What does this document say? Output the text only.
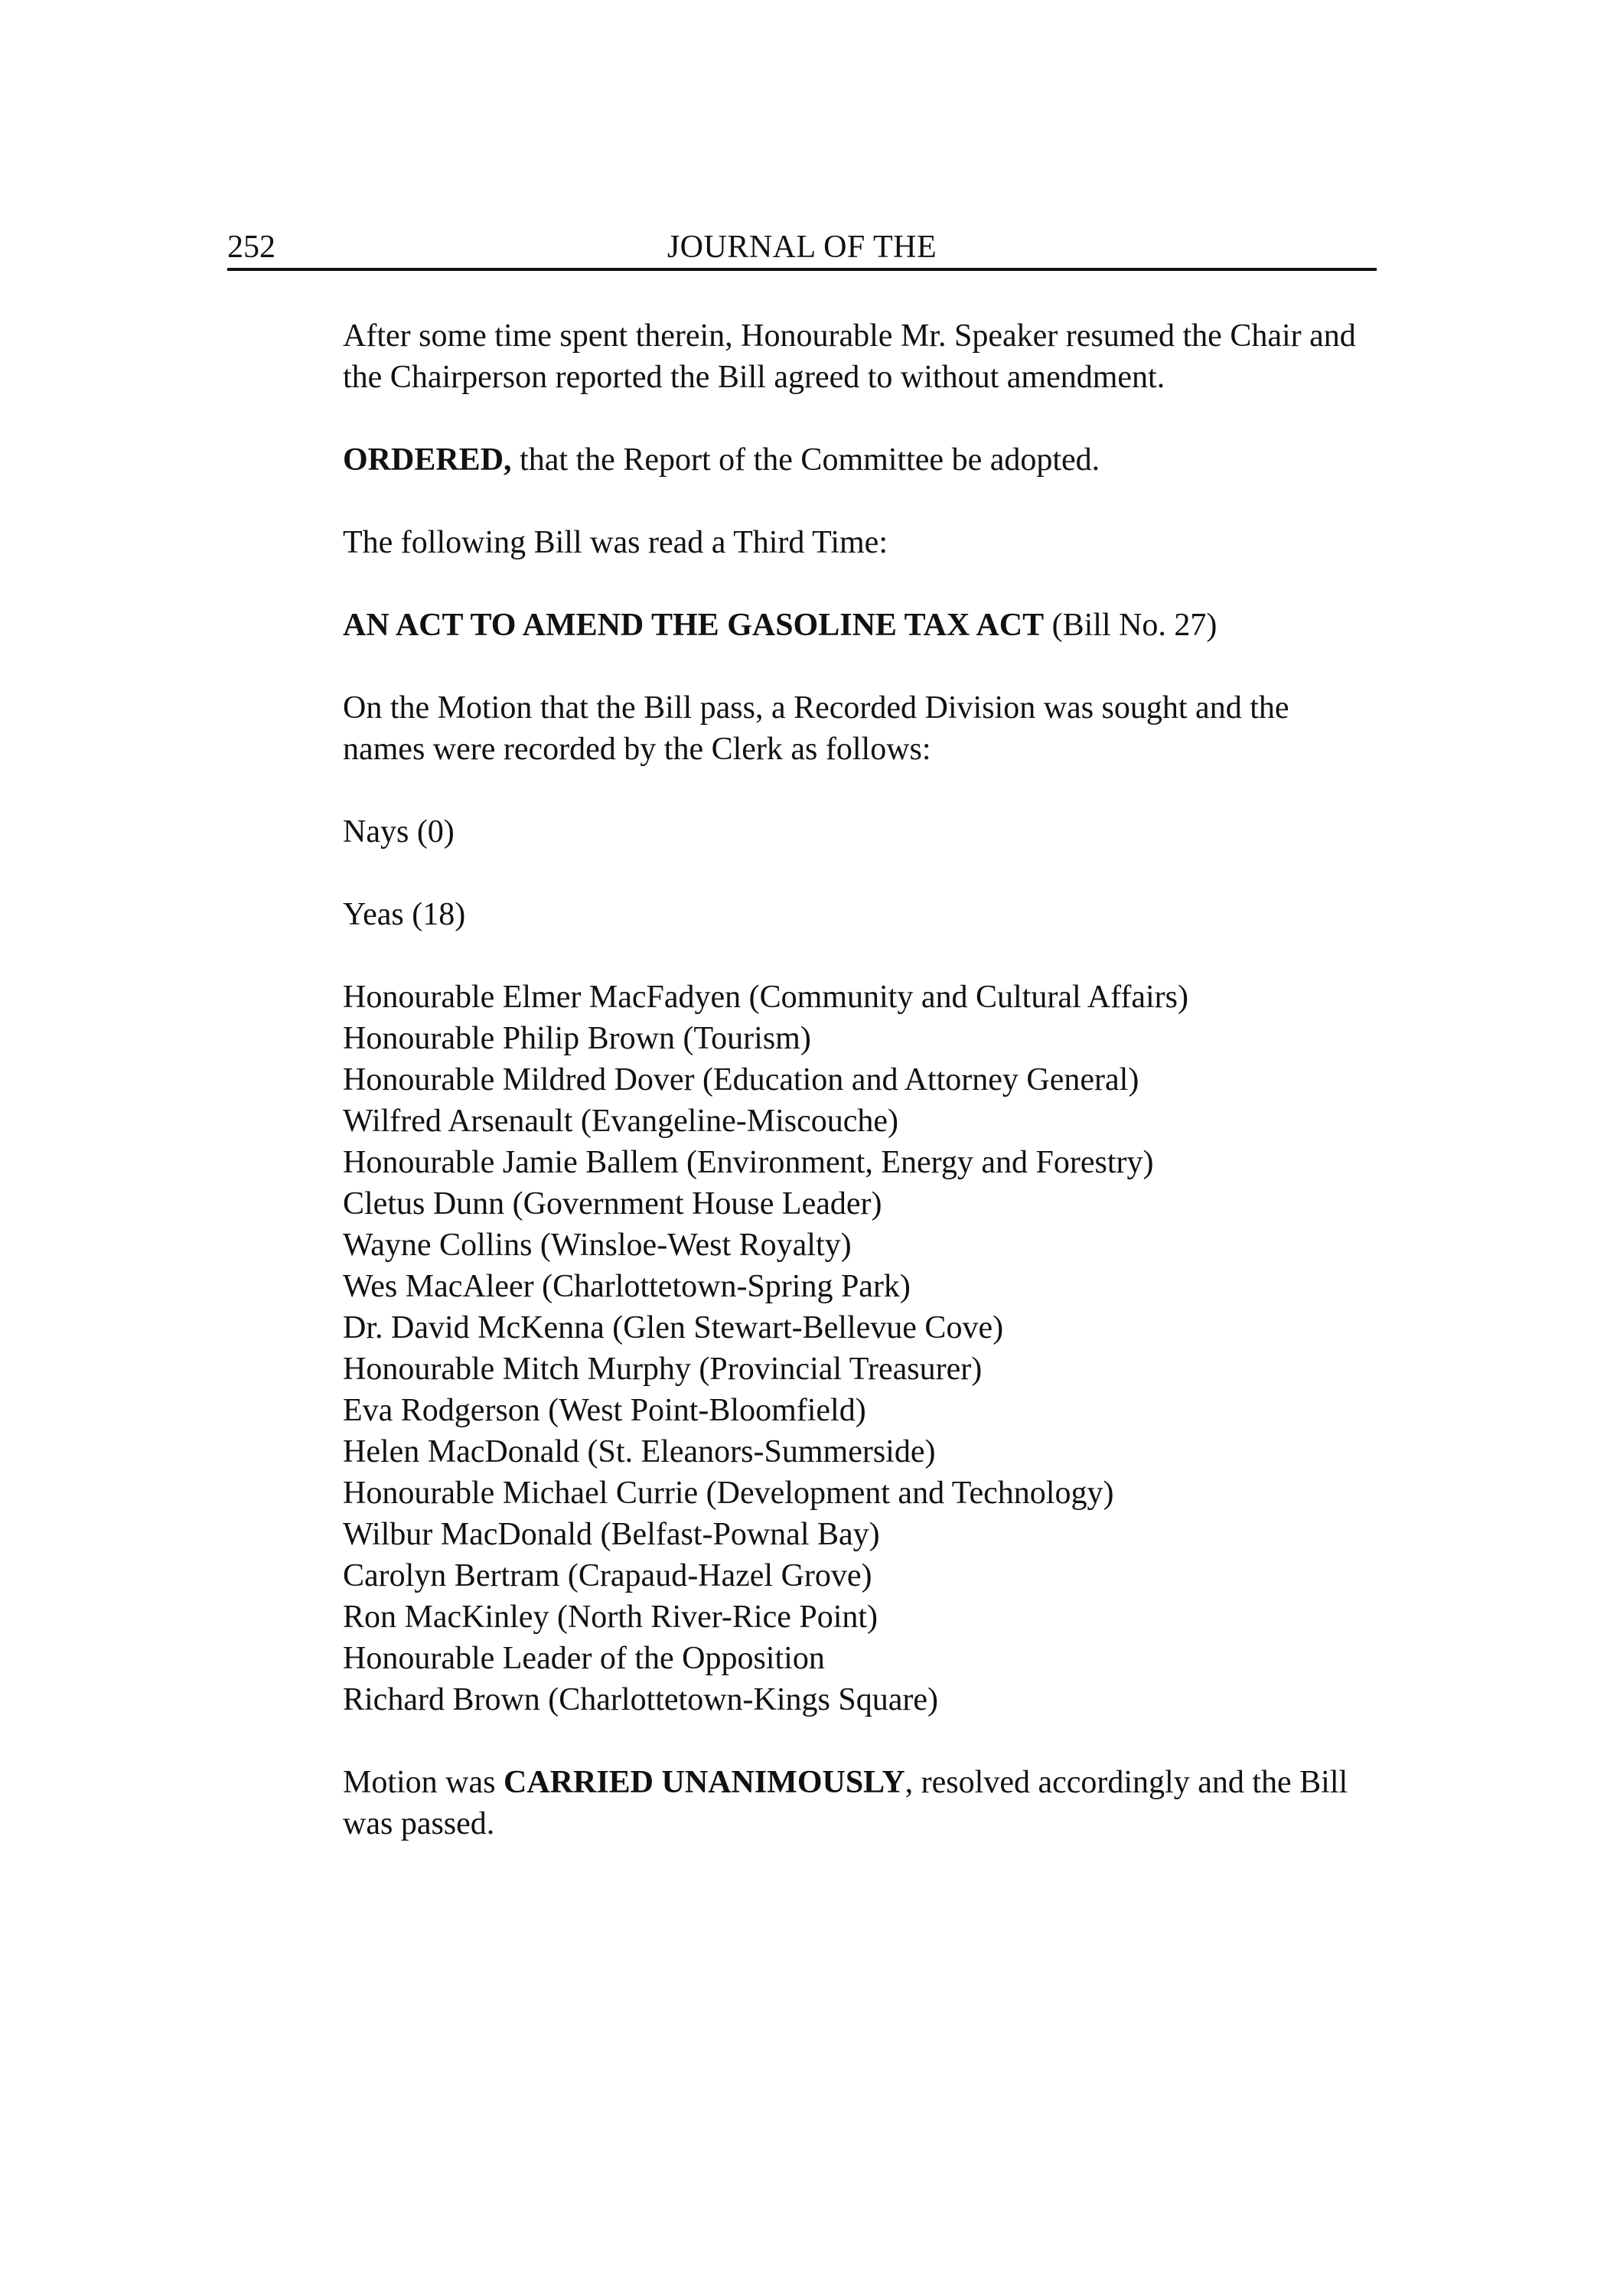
252	JOURNAL OF THE

After some time spent therein, Honourable Mr. Speaker resumed the Chair and the Chairperson reported the Bill agreed to without amendment.

ORDERED, that the Report of the Committee be adopted.

The following Bill was read a Third Time:

AN ACT TO AMEND THE GASOLINE TAX ACT (Bill No. 27)

On the Motion that the Bill pass, a Recorded Division was sought and the names were recorded by the Clerk as follows:

Nays (0)

Yeas (18)

Honourable Elmer MacFadyen (Community and Cultural Affairs)
Honourable Philip Brown (Tourism)
Honourable Mildred Dover (Education and Attorney General)
Wilfred Arsenault (Evangeline-Miscouche)
Honourable Jamie Ballem (Environment, Energy and Forestry)
Cletus Dunn (Government House Leader)
Wayne Collins (Winsloe-West Royalty)
Wes MacAleer (Charlottetown-Spring Park)
Dr. David McKenna (Glen Stewart-Bellevue Cove)
Honourable Mitch Murphy (Provincial Treasurer)
Eva Rodgerson (West Point-Bloomfield)
Helen MacDonald (St. Eleanors-Summerside)
Honourable Michael Currie (Development and Technology)
Wilbur MacDonald (Belfast-Pownal Bay)
Carolyn Bertram (Crapaud-Hazel Grove)
Ron MacKinley (North River-Rice Point)
Honourable Leader of the Opposition
Richard Brown (Charlottetown-Kings Square)

Motion was CARRIED UNANIMOUSLY, resolved accordingly and the Bill was passed.
